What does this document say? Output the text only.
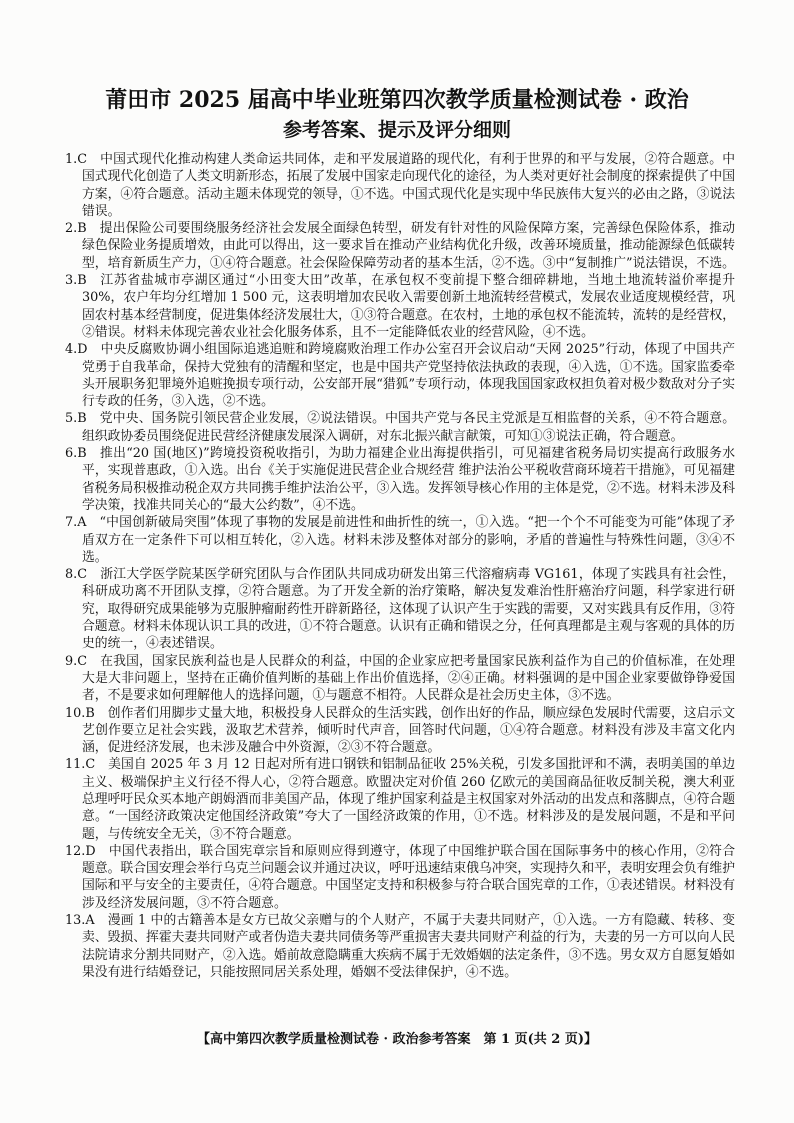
莆田市 2025 届高中毕业班第四次教学质量检测试卷 · 政治
参考答案、提示及评分细则

1.C 中国式现代化推动构建人类命运共同体，走和平发展道路的现代化，有利于世界的和平与发展，②符合题意。中国式现代化创造了人类文明新形态，拓展了发展中国家走向现代化的途径，为人类对更好社会制度的探索提供了中国方案，④符合题意。活动主题未体现党的领导，①不选。中国式现代化是实现中华民族伟大复兴的必由之路，③说法错误。

2.B 提出保险公司要围绕服务经济社会发展全面绿色转型，研发有针对性的风险保障方案，完善绿色保险体系，推动绿色保险业务提质增效，由此可以得出，这一要求旨在推动产业结构优化升级，改善环境质量，推动能源绿色低碳转型，培育新质生产力，①④符合题意。社会保险保障劳动者的基本生活，②不选。③中“复制推广”说法错误，不选。

3.B 江苏省盐城市亭湖区通过“小田变大田”改革，在承包权不变前提下整合细碎耕地，当地土地流转溢价率提升 30%，农户年均分红增加 1 500 元，这表明增加农民收入需要创新土地流转经营模式，发展农业适度规模经营，巩固农村基本经营制度，促进集体经济发展壮大，①③符合题意。在农村，土地的承包权不能流转，流转的是经营权，②错误。材料未体现完善农业社会化服务体系，且不一定能降低农业的经营风险，④不选。

4.D 中央反腐败协调小组国际追逃追赃和跨境腐败治理工作办公室召开会议启动“天网 2025”行动，体现了中国共产党勇于自我革命，保持大党独有的清醒和坚定，也是中国共产党坚持依法执政的表现，④入选，①不选。国家监委牵头开展职务犯罪境外追赃挽损专项行动，公安部开展“猎狐”专项行动，体现我国国家政权担负着对极少数敌对分子实行专政的任务，③入选，②不选。

5.B 党中央、国务院引领民营企业发展，②说法错误。中国共产党与各民主党派是互相监督的关系，④不符合题意。组织政协委员围绕促进民营经济健康发展深入调研，对东北振兴献言献策，可知①③说法正确，符合题意。

6.B 推出“20 国(地区)”跨境投资税收指引，为助力福建企业出海提供指引，可见福建省税务局切实提高行政服务水平，实现普惠政，①入选。出台《关于实施促进民营企业合规经营 维护法治公平税收营商环境若干措施》，可见福建省税务局积极推动税企双方共同携手维护法治公平，③入选。发挥领导核心作用的主体是党，②不选。材料未涉及科学决策，找准共同关心的“最大公约数”，④不选。

7.A “中国创新破局突围”体现了事物的发展是前进性和曲折性的统一，①入选。“把一个个不可能变为可能”体现了矛盾双方在一定条件下可以相互转化，②入选。材料未涉及整体对部分的影响，矛盾的普遍性与特殊性问题，③④不选。

8.C 浙江大学医学院某医学研究团队与合作团队共同成功研发出第三代溶瘤病毒 VG161，体现了实践具有社会性，科研成功离不开团队支撑，②符合题意。为了开发全新的治疗策略，解决复发难治性肝癌治疗问题，科学家进行研究，取得研究成果能够为克服肿瘤耐药性开辟新路径，这体现了认识产生于实践的需要，又对实践具有反作用，③符合题意。材料未体现认识工具的改进，①不符合题意。认识有正确和错误之分，任何真理都是主观与客观的具体的历史的统一，④表述错误。

9.C 在我国，国家民族利益也是人民群众的利益，中国的企业家应把考量国家民族利益作为自己的价值标准，在处理大是大非问题上，坚持在正确价值判断的基础上作出价值选择，②④正确。材料强调的是中国企业家要做铮铮爱国者，不是要求如何理解他人的选择问题，①与题意不相符。人民群众是社会历史主体，③不选。

10.B 创作者们用脚步丈量大地，积极投身人民群众的生活实践，创作出好的作品，顺应绿色发展时代需要，这启示文艺创作要立足社会实践，汲取艺术营养，倾听时代声音，回答时代问题，①④符合题意。材料没有涉及丰富文化内涵，促进经济发展，也未涉及融合中外资源，②③不符合题意。

11.C 美国自 2025 年 3 月 12 日起对所有进口钢铁和铝制品征收 25%关税，引发多国批评和不满，表明美国的单边主义、极端保护主义行径不得人心，②符合题意。欧盟决定对价值 260 亿欧元的美国商品征收反制关税，澳大利亚总理呼吁民众买本地产朗姆酒而非美国产品，体现了维护国家利益是主权国家对外活动的出发点和落脚点，④符合题意。“一国经济政策决定他国经济政策”夸大了一国经济政策的作用，①不选。材料涉及的是发展问题，不是和平问题，与传统安全无关，③不符合题意。

12.D 中国代表指出，联合国宪章宗旨和原则应得到遵守，体现了中国维护联合国在国际事务中的核心作用，②符合题意。联合国安理会举行乌克兰问题会议并通过决议，呼吁迅速结束俄乌冲突，实现持久和平，表明安理会负有维护国际和平与安全的主要责任，④符合题意。中国坚定支持和积极参与符合联合国宪章的工作，①表述错误。材料没有涉及经济发展问题，③不符合题意。

13.A 漫画 1 中的古籍善本是女方已故父亲赠与的个人财产，不属于夫妻共同财产，①入选。一方有隐藏、转移、变卖、毁损、挥霍夫妻共同财产或者伪造夫妻共同债务等严重损害夫妻共同财产利益的行为，夫妻的另一方可以向人民法院请求分割共同财产，②入选。婚前故意隐瞒重大疾病不属于无效婚姻的法定条件，③不选。男女双方自愿复婚如果没有进行结婚登记，只能按照同居关系处理，婚姻不受法律保护，④不选。

【高中第四次教学质量检测试卷 · 政治参考答案　第 1 页(共 2 页)】
